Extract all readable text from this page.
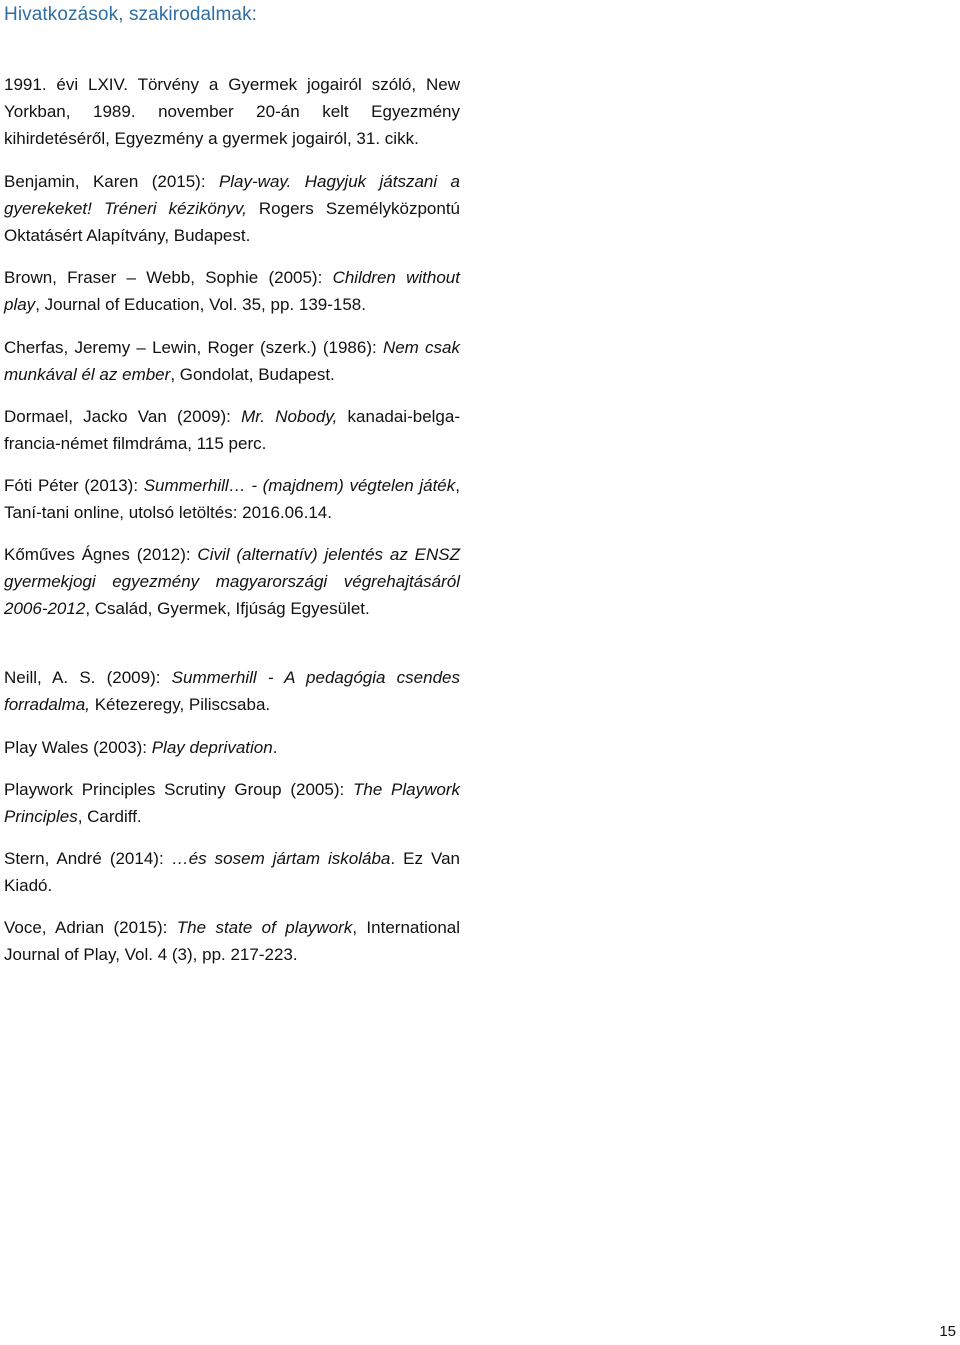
Hivatkozások, szakirodalmak:
1991. évi LXIV. Törvény a Gyermek jogairól szóló, New Yorkban, 1989. november 20-án kelt Egyezmény kihirdetéséről, Egyezmény a gyermek jogairól, 31. cikk.
Benjamin, Karen (2015): Play-way. Hagyjuk játszani a gyerekeket! Tréneri kézikönyv, Rogers Személyközpontú Oktatásért Alapítvány, Budapest.
Brown, Fraser – Webb, Sophie (2005): Children without play, Journal of Education, Vol. 35, pp. 139-158.
Cherfas, Jeremy – Lewin, Roger (szerk.) (1986): Nem csak munkával él az ember, Gondolat, Budapest.
Dormael, Jacko Van (2009): Mr. Nobody, kanadai-belga-francia-német filmdráma, 115 perc.
Fóti Péter (2013): Summerhill… - (majdnem) végtelen játék, Taní-tani online, utolsó letöltés: 2016.06.14.
Kőműves Ágnes (2012): Civil (alternatív) jelentés az ENSZ gyermekjogi egyezmény magyarországi végrehajtásáról 2006-2012, Család, Gyermek, Ifjúság Egyesület.
Neill, A. S. (2009): Summerhill - A pedagógia csendes forradalma, Kétezeregy, Piliscsaba.
Play Wales (2003): Play deprivation.
Playwork Principles Scrutiny Group (2005): The Playwork Principles, Cardiff.
Stern, André (2014): …és sosem jártam iskolába. Ez Van Kiadó.
Voce, Adrian (2015): The state of playwork, International Journal of Play, Vol. 4 (3), pp. 217-223.
15
